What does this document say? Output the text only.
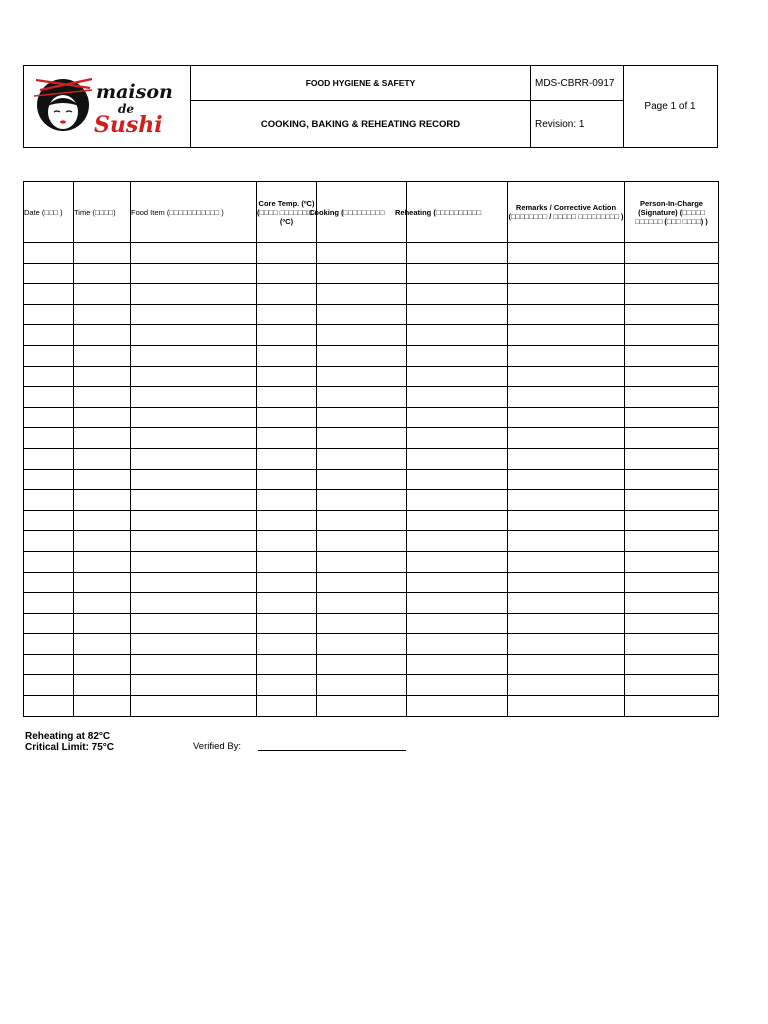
maison
de
Sushi
FOOD HYGIENE & SAFETY
COOKING, BAKING & REHEATING RECORD
MDS-CBRR-0917
Revision: 1
Page 1 of 1
Date (□□□ )	Time (□□□□)	Food Item (□□□□□□□□□□□ )	Core Temp. (ºC) (□□□□ □□□□□□□□ (ºC)	Cooking (□□□□□□□□□	Reheating (□□□□□□□□□□	Remarks / Corrective Action (□□□□□□□□ / □□□□□ □□□□□□□□□ )	Person-In-Charge (Signature) (□□□□□ □□□□□□ (□□□ □□□□) )

Reheating at 82°C
Critical Limit: 75°C	Verified By:
